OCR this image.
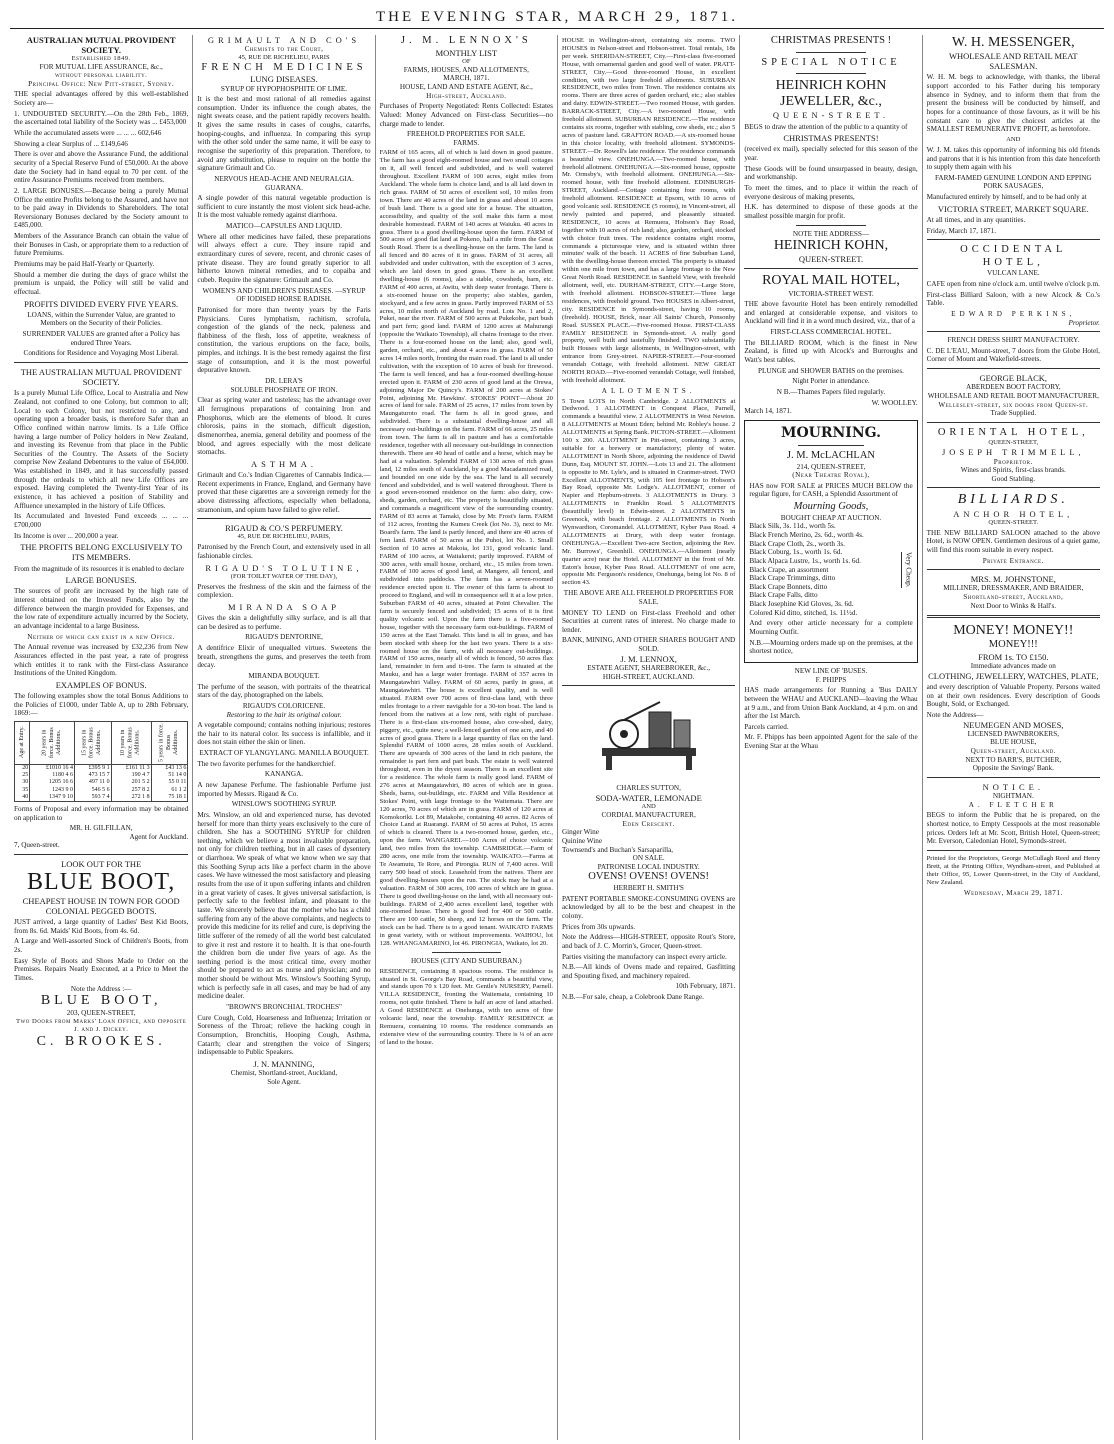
THE EVENING STAR, MARCH 29, 1871.
AUSTRALIAN MUTUAL PROVIDENT SOCIETY.
Established 1849.
FOR MUTUAL LIFE ASSURANCE, &c.,
without personal liability.
Principal Office: New Pitt-street, Sydney.

THE special advantages offered by this well-established Society are—

1. UNDOUBTED SECURITY.—On the 28th Feb., 1869, the ascertained total liability of the Society was ... £453,000

While the accumulated assets were ... ... ... 602,646

Showing a clear Surplus of ... £149,646

There is over and above the Assurance Fund, the additional security of a Special Reserve Fund of £50,000. At the above date the Society had in hand equal to 70 per cent. of the entire Assurance Premiums received from members.

2. LARGE BONUSES.—Because being a purely Mutual Office the entire Profits belong to the Assured, and have not to be paid away in Dividends to Shareholders. The total Reversionary Bonuses declared by the Society amount to £485,000.

Members of the Assurance Branch can obtain the value of their Bonuses in Cash, or appropriate them to a reduction of future Premiums.

Premiums may be paid Half-Yearly or Quarterly.

Should a member die during the days of grace whilst the premium is unpaid, the Policy will still be valid and effectual.

PROFITS DIVIDED EVERY FIVE YEARS.

LOANS, within the Surrender Value, are granted to Members on the Security of their Policies.

SURRENDER VALUES are granted after a Policy has endured Three Years.

Conditions for Residence and Voyaging Most Liberal.

THE AUSTRALIAN MUTUAL PROVIDENT SOCIETY.

Is a purely Mutual Life Office, Local to Australia and New Zealand, not confined to one Colony, but common to all; Local to each Colony, but not restricted to any, and operating upon a broader basis, is therefore Safer than an Office confined within narrow limits. Is a Life Office having a large number of Policy holders in New Zealand, and investing its Revenue from that place in the Public Securities of the Country. The Assets of the Society comprise New Zealand Debentures to the value of £64,000. Was established in 1849, and it has successfully passed through the ordeals to which all new Life Offices are exposed. Having completed the Twenty-first Year of its existence, it has achieved a position of Stability and Affluence unexampled in the history of Life Offices.

Its Accumulated and Invested Fund exceeds ... ... ... £700,000

Its Income is over ... 200,000 a year.

THE PROFITS BELONG EXCLUSIVELY TO ITS MEMBERS.

From the magnitude of its resources it is enabled to declare

LARGE BONUSES.

The sources of profit are increased by the high rate of interest obtained on the Invested Funds, also by the difference between the margin provided for Expenses, and the low rate of expenditure actually incurred by the Society, an advantage incidental to a large Business.

Neither of which can exist in a new Office.

The Annual revenue was increased by £32,236 from New Assurances effected in the past year, a rate of progress which entitles it to rank with the First-class Assurance Institutions of the United Kingdom.

EXAMPLES OF BONUS.

The following examples show the total Bonus Additions to the Policies of £1000, under Table A, up to 28th February, 1869:—

Age at Entry.	20 years in force. Bonus Additions.	15 years in force. Bonus Additions.	10 years in force. Bonus Additions.	5 years in force. Bonus Additions.
20	£1010 16 4	£395 9 1	£161 11 3	£43 13 6
25	1180 4 6	473 15 7	190 4 7	51 14 0
30	1205 16 6	497 11 0	201 5 2	55 0 11
35	1243 9 0	546 5 6	257 8 2	61 1 2
40	1347 9 10	593 7 4	272 1 8	75 18 1

Forms of Proposal and every information may be obtained on application to

MR. H. GILFILLAN,
Agent for Auckland.
7, Queen-street.
LOOK OUT FOR THE
BLUE BOOT,
CHEAPEST HOUSE IN TOWN FOR GOOD COLONIAL PEGGED BOOTS.

JUST arrived, a large quantity of Ladies' Best Kid Boots, from 8s. 6d. Maids' Kid Boots, from 4s. 6d.

A Large and Well-assorted Stock of Children's Boots, from 2s.

Easy Style of Boots and Shoes Made to Order on the Premises. Repairs Neatly Executed, at a Price to Meet the Times.

Note the Address :—
BLUE BOOT,
203, QUEEN-STREET,
Two Doors from Marks' Loan Office, and Opposite J. and J. Dickey.
C. BROOKES.
GRIMAULT AND CO'S
Chemists to the Court,
45, RUE DE RICHELIEU, PARIS
FRENCH MEDICINES
LUNG DISEASES.
SYRUP OF HYPOPHOSPHITE OF LIME.

It is the best and most rational of all remedies against consumption. Under its influence the cough abates, the night sweats cease, and the patient rapidly recovers health. It gives the same results in cases of coughs, catarrhs, hooping-coughs, and influenza. In comparing this syrup with the other sold under the same name, it will be easy to recognise the superiority of this preparation. Therefore, to avoid any substitution, please to require on the bottle the signature Grimault and Co.

NERVOUS HEAD-ACHE AND NEURALGIA.
GUARANA.

A single powder of this natural vegetable production is sufficient to cure instantly the most violent sick head-ache. It is the most valuable remedy against diarrhoea.

MATICO—CAPSULES AND LIQUID.

Where all other medicines have failed, these preparations will always effect a cure. They insure rapid and extraordinary cures of severe, recent, and chronic cases of private disease. They are found greatly superior to all hitherto known mineral remedies, and to copaiba and cubeb. Require the signature: Grimault and Co.

WOMEN'S AND CHILDREN'S DISEASES. —SYRUP OF IODISED HORSE RADISH.

Patronised for more than twenty years by the Faris Physicians. Cures lymphatism, rachitism, scrofula, congestion of the glands of the neck, paleness and flabbiness of the flesh, loss of appetite, weakness of constitution, the various eruptions on the face, boils, pimples, and itchings. It is the best remedy against the first stage of consumption, and it is the most powerful depurative known.

DR. LERA'S
SOLUBLE PHOSPHATE OF IRON.

Clear as spring water and tasteless; has the advantage over all ferruginous preparations of containing Iron and Phosphorus, which are the elements of blood. It cures chlorosis, pains in the stomach, difficult digestion, dismenorrhea, anemia, general debility and poorness of the blood, and agrees especially with the most delicate stomachs.

ASTHMA.

Grimault and Co.'s Indian Cigarettes of Cannabis Indica.—Recent experiments in France, England, and Germany have proved that these cigarettes are a sovereign remedy for the above distressing affections, especially when belladona, stramonium, and opium have failed to give relief.

RIGAUD & CO.'S PERFUMERY.
45, RUE DE RICHELIEU, PARIS,

Patronised by the French Court, and extensively used in all fashionable circles.

RIGAUD'S TOLUTINE,
(FOR TOILET WATER OF THE DAY),

Preserves the freshness of the skin and the fairness of the complexion.

MIRANDA SOAP

Gives the skin a delightfully silky surface, and is all that can be desired as to perfume.

RIGAUD'S DENTORINE,

A dentifrice Elixir of unequalled virtues. Sweetens the breath, strengthens the gums, and preserves the teeth from decay.

MIRANDA BOUQUET.

The perfume of the season, with portraits of the theatrical stars of the day, photographed on the labels.

RIGAUD'S COLORICENE.
Restoring to the hair its original colour.

A vegetable compound; contains nothing injurious; restores the hair to its natural color. Its success is infallible, and it does not stain either the skin or linen.

EXTRACT OF YLANGYLANG. MANILLA BOUQUET.

The two favorite perfumes for the handkerchief.

KANANGA.

A new Japanese Perfume. The fashionable Perfume just imported by Messrs. Rigaud & Co.

WINSLOW'S SOOTHING SYRUP.

Mrs. Winslow, an old and experienced nurse, has devoted herself for more than thirty years exclusively to the cure of children. She has a SOOTHING SYRUP for children teething, which we believe a most invaluable preparation, not only for children teething, but in all cases of dysentery or diarrhoea. We speak of what we know when we say that this Soothing Syrup acts like a perfect charm in the above cases. We have witnessed the most satisfactory and pleasing results from the use of it upon suffering infants and children in a great variety of cases. It gives universal satisfaction, is perfectly safe to the feeblest infant, and pleasant to the taste. We sincerely believe that the mother who has a child suffering from any of the above complaints, and neglects to provide this medicine for its relief and cure, is depriving the little sufferer of the remedy of all the world best calculated to give it rest and restore it to health. It is that one-fourth the children born die under five years of age. As the teething period is the most critical time, every mother should be prepared to act as nurse and physician; and no mother should be without Mrs. Winslow's Soothing Syrup, which is perfectly safe in all cases, and may be had of any medicine dealer.

"BROWN'S BRONCHIAL TROCHES"

Cure Cough, Cold, Hoarseness and Influenza; Irritation or Soreness of the Throat; relieve the hacking cough in Consumption, Bronchitis, Hooping Cough, Asthma, Catarrh; clear and strengthen the voice of Singers; indispensable to Public Speakers.

J. N. MANNING,
Chemist, Shortland-street, Auckland,
Sole Agent.
J. M. LENNOX'S
MONTHLY LIST
OF
FARMS, HOUSES, AND ALLOTMENTS,
MARCH, 1871.
HOUSE, LAND AND ESTATE AGENT, &c.,
High-street, Auckland.

Purchases of Property Negotiated: Rents Collected: Estates Valued: Money Advanced on First-class Securities—no charge made to lender.

FREEHOLD PROPERTIES FOR SALE.
FARMS.

FARM of 165 acres, all of which is laid down in good pasture. The farm has a good eight-roomed house and two small cottages on it, all well fenced and subdivided, and is well watered throughout. Excellent FARM of 100 acres, eight miles from Auckland. The whole farm is choice land, and is all laid down in rich grass. FARM of 50 acres of excellent soil, 10 miles from town. There are 40 acres of the land in grass and about 10 acres of bush land. There is a good site for a house. The situation, accessibility, and quality of the soil make this farm a most desirable homestead. FARM of 140 acres at Waiuku. 40 acres in grass. There is a good dwelling-house upon the farm. FARM of 500 acres of good flat land at Pokeno, half a mile from the Great South Road. There is a dwelling-house on the farm. The land is all fenced and 80 acres of it in grass. FARM of 31 acres, all subdivided and under cultivation, with the exception of 3 acres, which are laid down in good grass. There is an excellent dwelling-house (6 rooms), also a stable, cowsheds, barn, etc. FARM of 400 acres, at Awitu, with deep water frontage. There is a six-roomed house on the property; also stables, garden, stockyard, and a few acres in grass. Partly improved FARM of 53 acres, 10 miles north of Auckland by road. Lots No. 1 and 2, Pukei, near the river. FARM of 500 acres at Pukekohe, part bush and part fern; good land. FARM of 1200 acres at Mahurangi (opposite the Waikato Township), all chains frontage to the river. There is a four-roomed house on the land; also, good well, garden, orchard, etc., and about 4 acres in grass. FARM of 50 acres 14 miles north, fronting the main road. The land is all under cultivation, with the exception of 10 acres of bush for firewood. The farm is well fenced, and has a four-roomed dwelling-house erected upon it. FARM of 230 acres of good land at the Orewa, adjoining Major De Quincy's. FARM of 200 acres at Stokes' Point, adjoining Mr. Hawkins'. STOKES' POINT—About 20 acres of land for sale. FARM of 25 acres, 17 miles from town by Maungaturoto road. The farm is all in good grass, and subdivided. There is a substantial dwelling-house and all necessary out-buildings on the farm. FARM of 66 acres, 25 miles from town. The farm is all in pasture and has a comfortable residence, together with all necessary out-buildings in connection therewith. There are 40 head of cattle and a horse, which may be had at a valuation. Splendid FARM of 130 acres of rich grass land, 12 miles south of Auckland, by a good Macadamized road, and bounded on one side by the sea. The land is all securely fenced and subdivided, and is well watered throughout. There is a good seven-roomed residence on the farm: also dairy, cow-sheds, garden, orchard, etc. The property is beautifully situated, and commands a magnificent view of the surrounding country. FARM of 83 acres at Tamaki, close by Mr. Frost's farm. FARM of 112 acres, fronting the Kumeu Creek (lot No. 3), next to Mr. Board's farm. The land is partly fenced, and there are 40 acres of fern land. FARM of 50 acres at the Puhoi, lot No. 1. Small Section of 10 acres at Makoia, lot 131, good volcanic land. FARM of 100 acres, at Waitakerei; partly improved. FARM of 300 acres, with small house, orchard, etc., 15 miles from town. FARM of 100 acres of good land, at Mangere, all fenced, and subdivided into paddocks. The farm has a seven-roomed residence erected upon it. The owner of this farm is about to proceed to England, and will in consequence sell it at a low price. Suburban FARM of 40 acres, situated at Point Chevalier. The farm is securely fenced and subdivided; 15 acres of it is first quality volcanic soil. Upon the farm there is a five-roomed house, together with the necessary farm out-buildings. FARM of 150 acres at the East Tamaki. This land is all in grass, and has been stocked with sheep for the last two years. There is a six-roomed house on the farm, with all necessary out-buildings. FARM of 150 acres, nearly all of which is fenced, 50 acres flax land, remainder in fern and ti-tree. The farm is situated at the Mauku, and has a large water frontage. FARM of 357 acres in Maungatawhiri Valley. FARM of 60 acres, partly in grass, at Maungatawhiri. The house is excellent quality, and is well situated. FARM over 700 acres of first-class land, with three miles frontage to a river navigable for a 30-ton boat. The land is fenced from the natives at a low rent, with right of purchase. There is a first-class six-roomed house, also cow-shed, dairy, piggery, etc., quite new; a well-fenced garden of one acre, and 40 acres of good grass. There is a large quantity of flax on the land. Splendid FARM of 1000 acres, 28 miles south of Auckland. There are upwards of 300 acres of the land in rich pasture, the remainder is part fern and part bush. The estate is well watered throughout, even in the dryest season. There is an excellent site for a residence. The whole farm is really good land. FARM of 276 acres at Maungatawhiri, 80 acres of which are in grass. Sheds, barns, out-buildings, etc. FARM and Villa Residence at Stokes' Point, with large frontage to the Waitemata. There are 120 acres, 70 acres of which are in grass. FARM of 120 acres at Komokoriki. Lot 89, Matakohe, containing 40 acres. 82 Acres of Choice Land at Ruarangi. FARM of 50 acres at Puhoi, 15 acres of which is cleared. There is a two-roomed house, garden, etc., upon the farm. WANGAREI.—100 Acres of choice volcanic land, two miles from the township. CAMBRIDGE.—Farm of 280 acres, one mile from the township. WAIKATO.—Farms at Te Awamutu, Te Rore, and Pirongia. RUN of 7,400 acres. Will carry 500 head of stock. Leasehold from the natives. There are good dwelling-houses upon the run. The stock may be had at a valuation. FARM of 300 acres, 100 acres of which are in grass. There is good dwelling-house on the land, with all necessary out-buildings. FARM of 2,400 acres excellent land, together with one-roomed house. There is good feed for 400 or 500 cattle. There are 100 cattle, 50 sheep, and 12 horses on the farm. The stock can be had. There is to a good tenant. WAIKATO FARMS in great variety, with or without improvements. WAIHOU, lot 128. WHANGAMARINO, lot 46. PIRONGIA, Waikato, lot 20.

HOUSES (CITY AND SUBURBAN.)

RESIDENCE, containing 8 spacious rooms. The residence is situated in St. George's Bay Road, commands a beautiful view, and stands upon 70 x 120 feet. Mr. Gentle's NURSERY, Parnell. VILLA RESIDENCE, fronting the Waitemata, containing 10 rooms, not quite finished. There is half an acre of land attached. A Good RESIDENCE at Onehunga, with ten acres of fine volcanic land, near the township. FAMILY RESIDENCE at Remuera, containing 10 rooms. The residence commands an extensive view of the surrounding country. There is ¼ of an acre of land to the house.

HOUSE in Wellington-street, containing six rooms. TWO HOUSES in Nelson-street and Hobson-street. Total rentals, 18s per week. SHERIDAN-STREET, City.—First-class five-roomed House, with ornamental garden and good well of water. PRATT-STREET, City.—Good three-roomed House, in excellent condition, with two large freehold allotments. SUBURBAN RESIDENCE, two miles from Town. The residence contains six rooms. There are three acres of garden orchard, etc.; also stables and dairy. EDWIN-STREET.—Two roomed House, with garden. BARRACK-STREET, City.—A two-roomed House, with freehold allotment. SUBURBAN RESIDENCE.—The residence contains six rooms, together with stabling, cow sheds, etc.; also 5 acres of pasture land. GRAFTON ROAD.—A six-roomed house in this choice locality, with freehold allotment. SYMONDS-STREET.—Dr. Rowell's late residence. The residence commands a beautiful view. ONEHUNGA.—Two-roomed house, with freehold allotment. ONEHUNGA.—Six-roomed house, opposite Mr. Ormsby's, with freehold allotment. ONEHUNGA.—Six-roomed house, with fine freehold allotment. EDINBURGH-STREET, Auckland.—Cottage containing four rooms, with freehold allotment. RESIDENCE at Epsom, with 10 acres of good volcanic soil. RESIDENCE (5 rooms), in Vincent-street, all newly painted and papered, and pleasantly situated. RESIDENCE, 10 acres at Remuera, Hobson's Bay Road, together with 10 acres of rich land; also, garden, orchard, stocked with choice fruit trees. The residence contains eight rooms, commands a picturesque view, and is situated within three minutes' walk of the beach. 11 ACRES of fine Suburban Land, with the dwelling-house thereon erected. The property is situated within one mile from town, and has a large frontage to the New Great North Road. RESIDENCE in Sanfield View, with freehold allotment, well, etc. DURHAM-STREET, CITY.—Large Store, with freehold allotment. HOBSON-STREET.—Three large residences, with freehold ground. Two HOUSES in Albert-street, city. RESIDENCE in Symonds-street, having 10 rooms, (freehold). HOUSE, Brick, near All Saints' Church, Ponsonby Road. SUSSEX PLACE.—Five-roomed House. FIRST-CLASS FAMILY RESIDENCE in Symonds-street. A really good property, well built and tastefully finished. TWO substantially built Houses with large allotments, in Wellington-street, with entrance from Grey-street. NAPIER-STREET.—Four-roomed verandah Cottage, with freehold allotment. NEW GREAT NORTH ROAD.—Five-roomed verandah Cottage, well finished, with freehold allotment.

ALLOTMENTS.

5 Town LOTS in North Cambridge. 2 ALLOTMENTS at Dedwood. 1 ALLOTMENT in Conquest Place, Parnell, commands a beautiful view. 2 ALLOTMENTS in West Newton. 8 ALLOTMENTS at Mount Eden; behind Mr. Robley's house. 2 ALLOTMENTS at Spring Bank. PICTON-STREET.—Allotment 100 x 200. ALLOTMENT in Pitt-street, containing 3 acres, suitable for a brewery or manufactory; plenty of water. ALLOTMENT in North Shore, adjoining the residence of David Dunn, Esq. MOUNT ST. JOHN.—Lots 13 and 21. The allotment is opposite to Mr. Lyle's, and is situated in Cranmer-street. TWO Excellent ALLOTMENTS, with 105 feet frontage to Hobson's Bay Road, opposite Mr. Lodge's. ALLOTMENT, corner of Napier and Hepburn-streets. 3 ALLOTMENTS in Drury. 3 ALLOTMENTS in Franklin Road. 5 ALLOTMENTS (beautifully level) in Edwin-street. 2 ALLOTMENTS in Greenock, with beach frontage. 2 ALLOTMENTS in North Wynwardton, Coromandel. ALLOTMENT, Kyber Pass Road. 4 ALLOTMENTS at Drury, with deep water frontage. ONEHUNGA.—Excellent Two-acre Section, adjoining the Rev. Mr. Burrows', Greenhill. ONEHUNGA.—Allotment (nearly quarter acre) near the Hotel. ALLOTMENT in the front of Mr. Eaton's house, Kyber Pass Road. ALLOTMENT of one acre, opposite Mr. Ferguson's residence, Onehunga, being lot No. 8 of section 43.

THE ABOVE ARE ALL FREEHOLD PROPERTIES FOR SALE.

MONEY TO LEND on First-class Freehold and other Securities at current rates of interest. No charge made to lender.

BANK, MINING, AND OTHER SHARES BOUGHT AND SOLD.
J. M. LENNOX,
ESTATE AGENT, SHAREBROKER, &c.,
HIGH-STREET, AUCKLAND.
CHARLES SUTTON,
SODA-WATER, LEMONADE
AND
CORDIAL MANUFACTURER,
Eden Crescent.
Ginger Wine
Quinine Wine
Townsend's and Buchan's Sarsaparilla,
ON SALE.
PATRONISE LOCAL INDUSTRY.
OVENS! OVENS! OVENS!
HERBERT H. SMITH'S

PATENT PORTABLE SMOKE-CONSUMING OVENS are acknowledged by all to be the best and cheapest in the colony.

Prices from 30s upwards.

Note the Address—HIGH-STREET, opposite Rout's Store, and back of J. C. Morrin's, Grocer, Queen-street.

Parties visiting the manufactory can inspect every article.

N.B.—All kinds of Ovens made and repaired, Gasfitting and Spouting fixed, and machinery repaired.

10th February, 1871.

N.B.—For sale, cheap, a Colebrook Dane Range.

CHRISTMAS PRESENTS !
SPECIAL NOTICE
HEINRICH KOHN
JEWELLER, &c.,
QUEEN-STREET.

BEGS to draw the attention of the public to a quantity of

CHRISTMAS PRESENTS!

(received ex mail), specially selected for this season of the year.

These Goods will be found unsurpassed in beauty, design, and workmanship.

To meet the times, and to place it within the reach of everyone desirous of making presents,

H.K. has determined to dispose of these goods at the smallest possible margin for profit.

NOTE THE ADDRESS—
HEINRICH KOHN,
QUEEN-STREET.
ROYAL MAIL HOTEL,
VICTORIA-STREET WEST.

THE above favourite Hotel has been entirely remodelled and enlarged at considerable expense, and visitors to Auckland will find it in a word much desired, viz., that of a

FIRST-CLASS COMMERCIAL HOTEL.

The BILLIARD ROOM, which is the finest in New Zealand, is fitted up with Alcock's and Burroughs and Watt's best tables.

PLUNGE and SHOWER BATHS on the premises.

Night Porter in attendance.

N B.—Thames Papers filed regularly.

W. WOOLLEY.
March 14, 1871.
MOURNING.
J. M. McLACHLAN
214, QUEEN-STREET,
(Near Theatre Royal),

HAS now FOR SALE at PRICES MUCH BELOW the regular figure, for CASH, a Splendid Assortment of

Mourning Goods,
BOUGHT CHEAP AT AUCTION.
Black Silk, 3s. 11d., worth 5s.
Black French Merino, 2s. 6d., worth 4s.
Black Crape Cloth, 2s., worth 3s.
Black Coburg, 1s., worth 1s. 6d.
Black Alpaca Lustre, 1s., worth 1s. 6d.
Black Crape, an assortment
Black Crape Trimmings, ditto
Black Crape Bonnets, ditto
Black Crape Falls, ditto
Black Josephine Kid Gloves, 3s. 6d.
Colored Kid ditto, stitched, 1s. 11½d.
Very Cheap.

And every other article necessary for a complete Mourning Outfit.

N.B.—Mourning orders made up on the premises, at the shortest notice,

NEW LINE OF 'BUSES.
F. PHIPPS

HAS made arrangements for Running a 'Bus DAILY between the WHAU and AUCKLAND—leaving the Whau at 9 a.m., and from Union Bank Auckland, at 4 p.m. on and after the 1st March.

Parcels carried.

Mr. F. Phipps has been appointed Agent for the sale of the Evening Star at the Whau

W. H. MESSENGER,
WHOLESALE AND RETAIL MEAT SALESMAN.

W. H. M. begs to acknowledge, with thanks, the liberal support accorded to his Father during his temporary absence in Sydney, and to inform them that from the present the business will be conducted by himself, and hopes for a continuance of those favours, as it will be his constant care to give the choicest articles at the SMALLEST REMUNERATIVE PROFIT, as heretofore.

AND

W. J. M. takes this opportunity of informing his old friends and patrons that it is his intention from this date henceforth to supply them again with his

FARM-FAMED GENUINE LONDON AND EPPING PORK SAUSAGES,

Manufactured entirely by himself, and to be had only at

VICTORIA STREET, MARKET SQUARE.

At all times, and in any quantities.

Friday, March 17, 1871.

OCCIDENTAL HOTEL,
VULCAN LANE.

CAFE open from nine o'clock a.m. until twelve o'clock p.m.

First-class Billiard Saloon, with a new Alcock & Co.'s Table.

EDWARD PERKINS,
Proprietor.
FRENCH DRESS SHIRT MANUFACTORY.

C. DE L'EAU, Mount-street, 7 doors from the Globe Hotel, Corner of Mount and Wakefield-streets.

GEORGE BLACK,
ABERDEEN BOOT FACTORY,
WHOLESALE AND RETAIL BOOT MANUFACTURER,
Wellesley-street, six doors from Queen-st.
Trade Supplied.
ORIENTAL HOTEL,
QUEEN-STREET,
JOSEPH TRIMMELL,
Proprietor.
Wines and Spirits, first-class brands.
Good Stabling.
BILLIARDS.
ANCHOR HOTEL,
QUEEN-STREET.

THE NEW BILLIARD SALOON attached to the above Hotel, is NOW OPEN. Gentlemen desirous of a quiet game, will find this room suitable in every respect.

Private Entrance.
MRS. M. JOHNSTONE,
MILLINER, DRESSMAKER, AND BRAIDER,
Shortland-street, Auckland,
Next Door to Winks & Hall's.
MONEY! MONEY!!
MONEY!!!
FROM 1s. TO £150.
Immediate advances made on
CLOTHING, JEWELLERY, WATCHES, PLATE,

and every description of Valuable Property. Persons waited on at their own residences. Every description of Goods Bought, Sold, or Exchanged.

Note the Address—
NEUMEGEN AND MOSES,
LICENSED PAWNBROKERS,
BLUE HOUSE,
Queen-street, Auckland.
NEXT TO BARR'S, BUTCHER,
Opposite the Savings' Bank.
NOTICE.
NIGHTMAN.
A. FLETCHER

BEGS to inform the Public that he is prepared, on the shortest notice, to Empty Cesspools at the most reasonable prices. Orders left at Mr. Scott, British Hotel, Queen-street; Mr. Everson, Caledonian Hotel, Symonds-street.

Printed for the Proprietors, George McCullagh Reed and Henry Brett, at the Printing Office, Wyndham-street, and Published at their Office, 95, Lower Queen-street, in the City of Auckland, New Zealand.

Wednesday, March 29, 1871.
